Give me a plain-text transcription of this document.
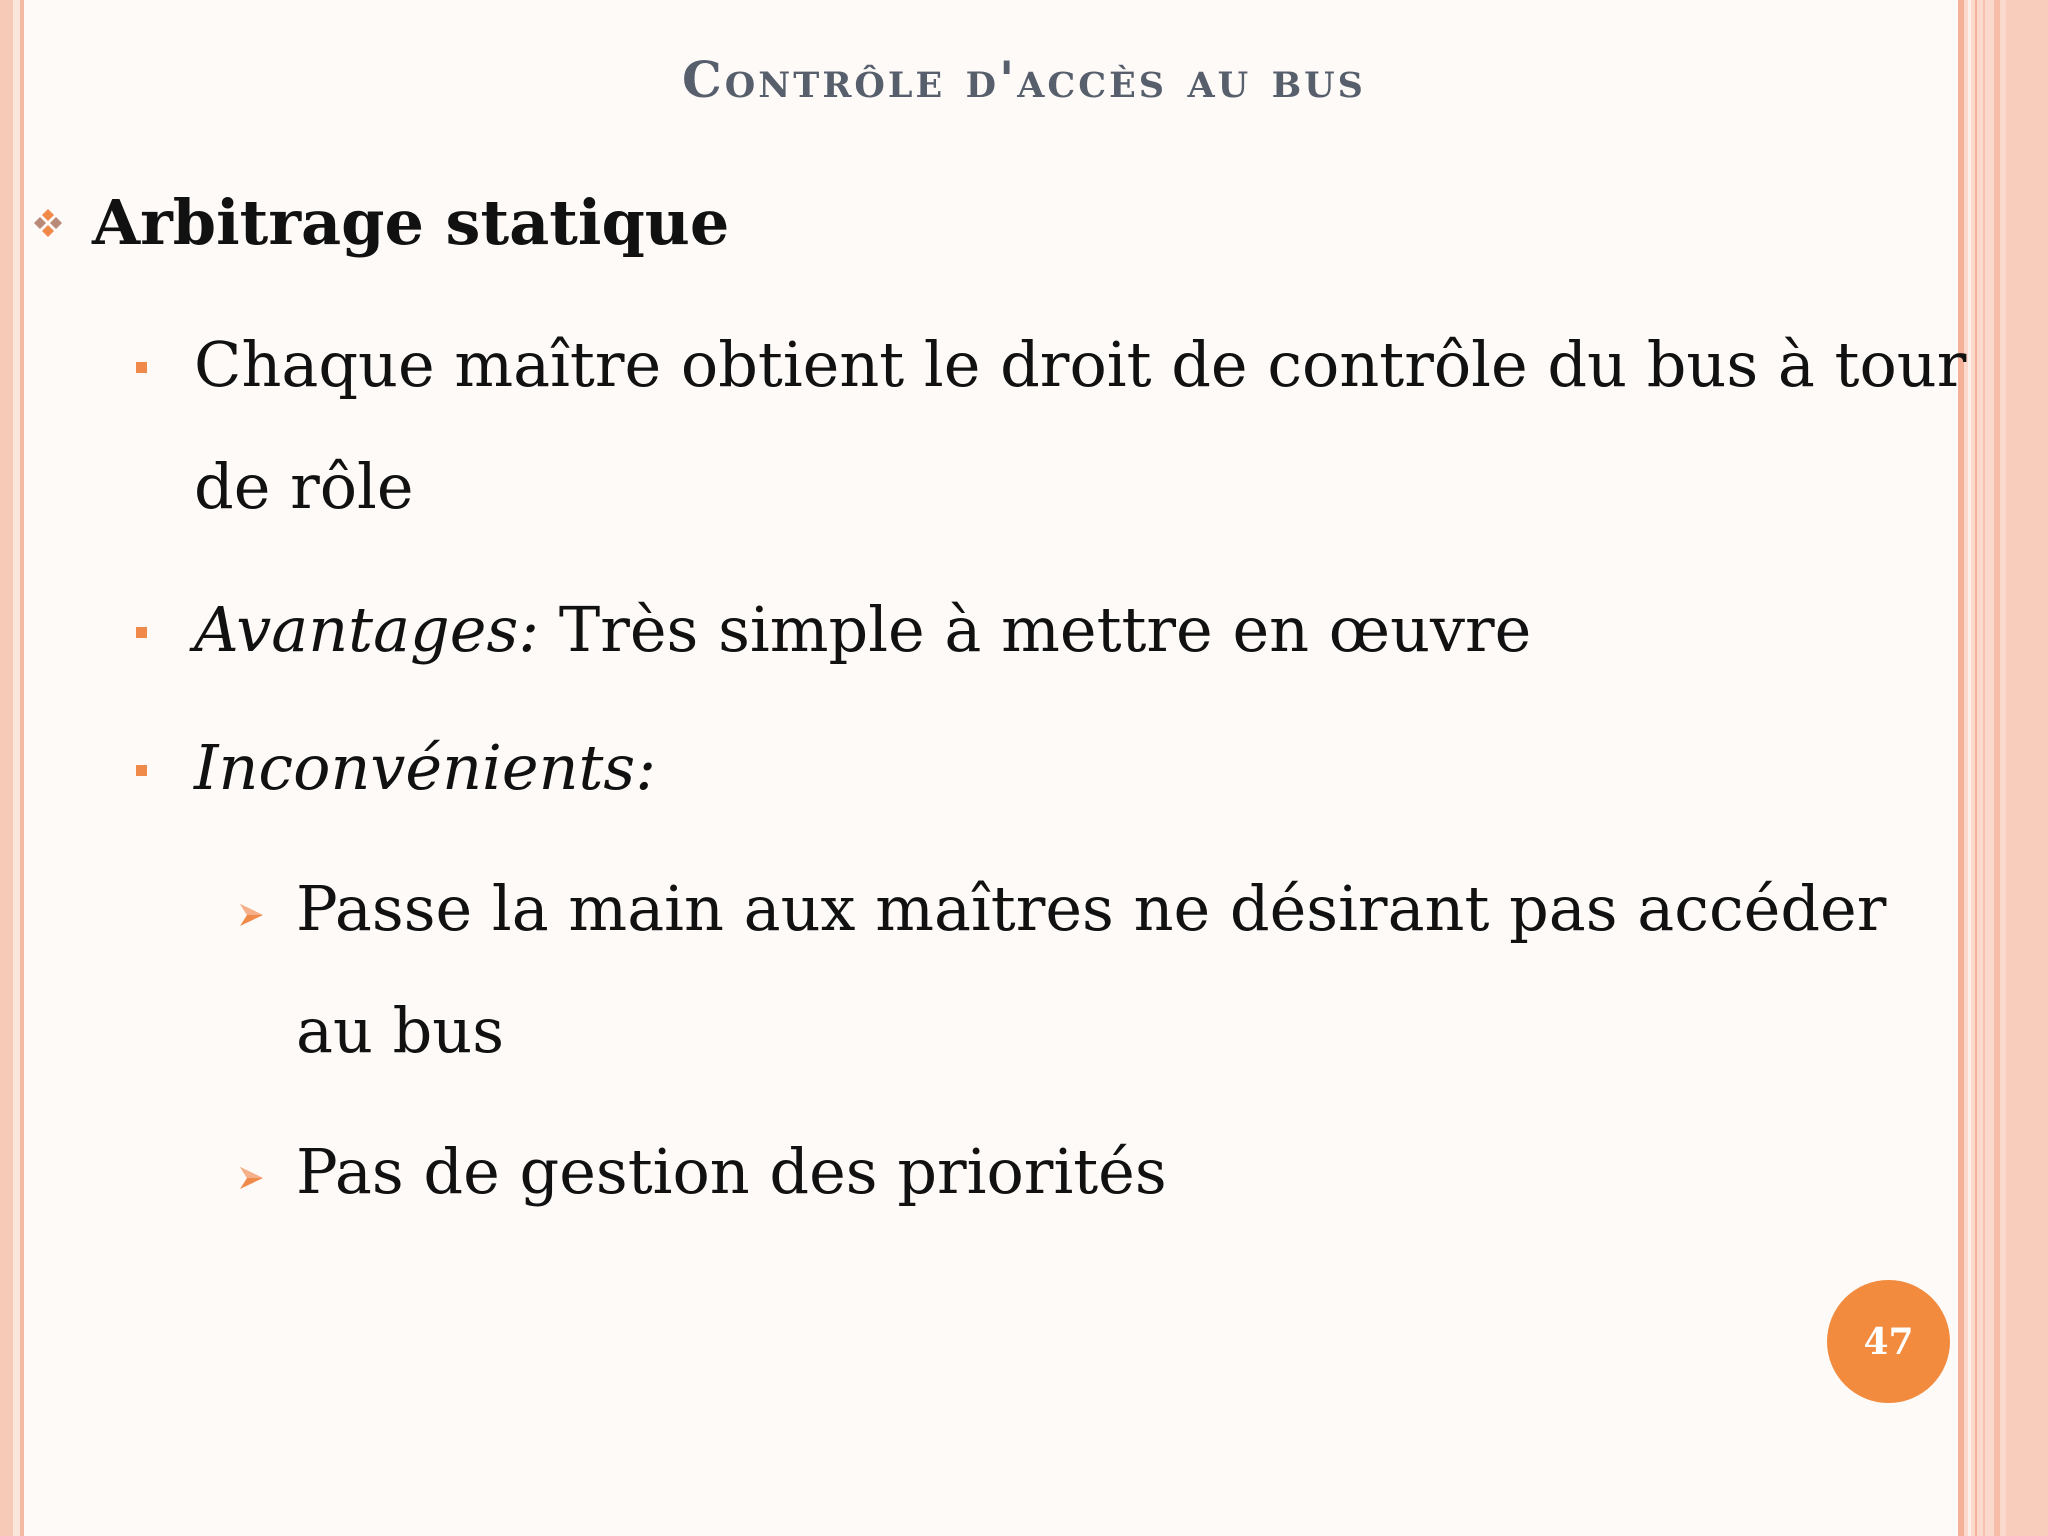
Contrôle d'accès au bus
Arbitrage statique
Chaque maître obtient le droit de contrôle du bus à tour
de rôle
Avantages: Très simple à mettre en œuvre
Inconvénients:
Passe la main aux maîtres ne désirant pas accéder
au bus
Pas de gestion des priorités
47
